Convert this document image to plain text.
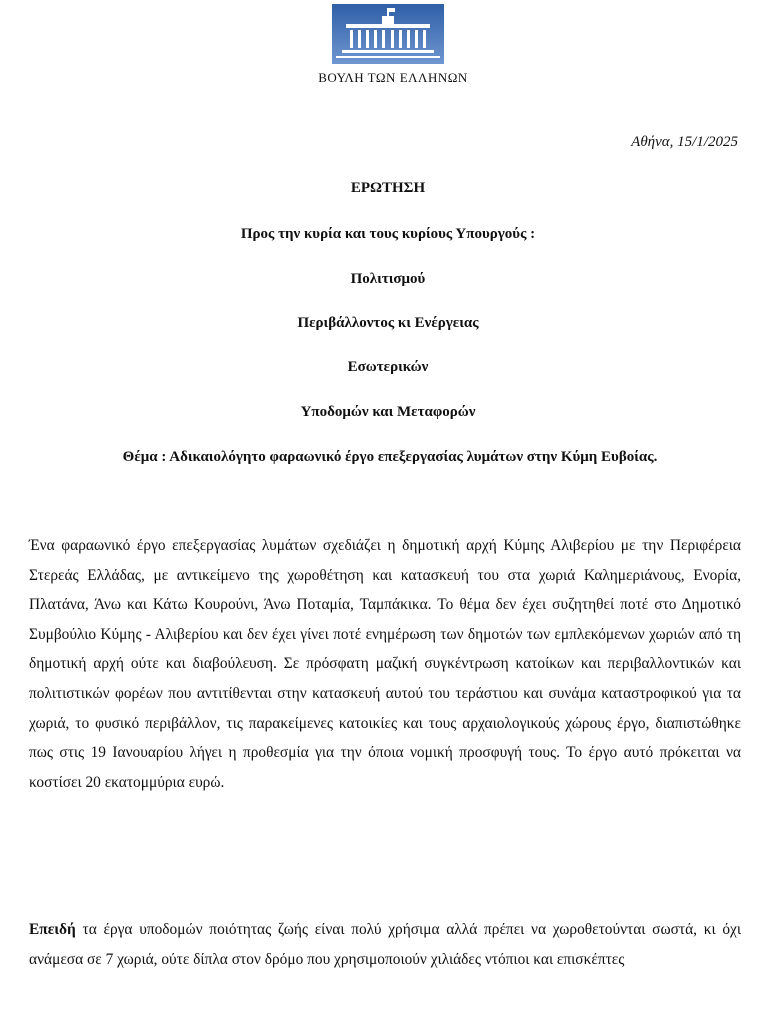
ΒΟΥΛΗ ΤΩΝ ΕΛΛΗΝΩΝ
Αθήνα, 15/1/2025
ΕΡΩΤΗΣΗ
Προς την κυρία και τους κυρίους Υπουργούς :
Πολιτισμού
Περιβάλλοντος κι Ενέργειας
Εσωτερικών
Υποδομών και Μεταφορών
Θέμα : Αδικαιολόγητο φαραωνικό έργο επεξεργασίας λυμάτων στην Κύμη Ευβοίας.

Ένα φαραωνικό έργο επεξεργασίας λυμάτων σχεδιάζει η δημοτική αρχή Κύμης Αλιβερίου με την Περιφέρεια Στερεάς Ελλάδας, με αντικείμενο της χωροθέτηση και κατασκευή του στα χωριά Καλημεριάνους, Ενορία, Πλατάνα, Άνω και Κάτω Κουρούνι, Άνω Ποταμία, Ταμπάκικα. Το θέμα δεν έχει συζητηθεί ποτέ στο Δημοτικό Συμβούλιο Κύμης - Αλιβερίου και δεν έχει γίνει ποτέ ενημέρωση των δημοτών των εμπλεκόμενων χωριών από τη δημοτική αρχή ούτε και διαβούλευση. Σε πρόσφατη μαζική συγκέντρωση κατοίκων και περιβαλλοντικών και πολιτιστικών φορέων που αντιτίθενται στην κατασκευή αυτού του τεράστιου και συνάμα καταστροφικού για τα χωριά, το φυσικό περιβάλλον, τις παρακείμενες κατοικίες και τους αρχαιολογικούς χώρους έργο, διαπιστώθηκε πως στις 19 Ιανουαρίου λήγει η προθεσμία για την όποια νομική προσφυγή τους. Το έργο αυτό πρόκειται να κοστίσει 20 εκατομμύρια ευρώ.

Επειδή τα έργα υποδομών ποιότητας ζωής είναι πολύ χρήσιμα αλλά πρέπει να χωροθετούνται σωστά, κι όχι ανάμεσα σε 7 χωριά, ούτε δίπλα στον δρόμο που χρησιμοποιούν χιλιάδες ντόπιοι και επισκέπτες
